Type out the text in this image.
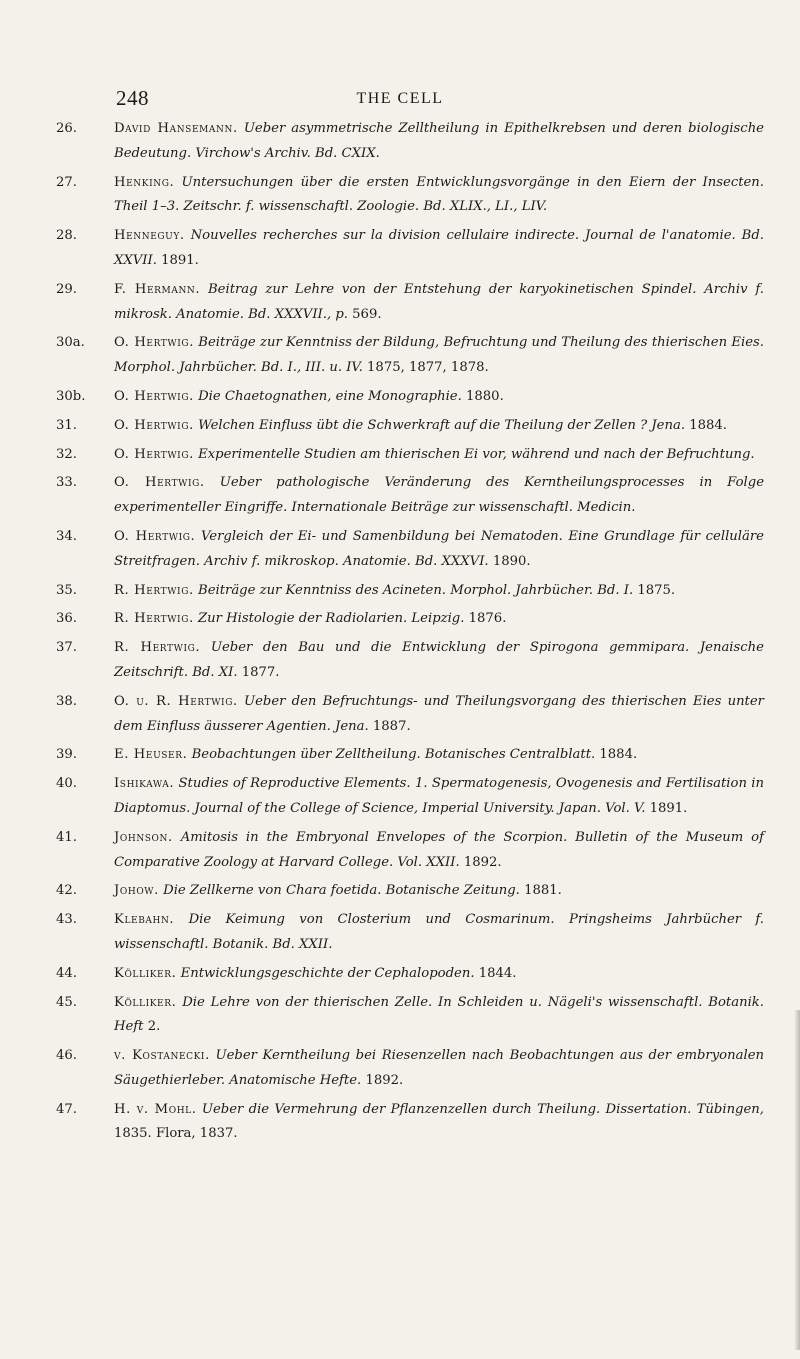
248	THE CELL
26.	David Hansemann. Ueber asymmetrische Zelltheilung in Epithelkrebsen und deren biologische Bedeutung. Virchow's Archiv. Bd. CXIX.
27.	Henking. Untersuchungen über die ersten Entwicklungsvorgänge in den Eiern der Insecten. Theil 1–3. Zeitschr. f. wissenschaftl. Zoologie. Bd. XLIX., LI., LIV.
28.	Henneguy. Nouvelles recherches sur la division cellulaire indirecte. Journal de l'anatomie. Bd. XXVII. 1891.
29.	F. Hermann. Beitrag zur Lehre von der Entstehung der karyokinetischen Spindel. Archiv f. mikrosk. Anatomie. Bd. XXXVII., p. 569.
30a. O. Hertwig. Beiträge zur Kenntniss der Bildung, Befruchtung und Theilung des thierischen Eies. Morphol. Jahrbücher. Bd. I., III. u. IV. 1875, 1877, 1878.
30b. O. Hertwig. Die Chaetognathen, eine Monographie. 1880.
31.	O. Hertwig. Welchen Einfluss übt die Schwerkraft auf die Theilung der Zellen ? Jena. 1884.
32.	O. Hertwig. Experimentelle Studien am thierischen Ei vor, während und nach der Befruchtung.
33.	O. Hertwig. Ueber pathologische Veränderung des Kerntheilungsprocesses in Folge experimenteller Eingriffe. Internationale Beiträge zur wissenschaftl. Medicin.
34.	O. Hertwig. Vergleich der Ei- und Samenbildung bei Nematoden. Eine Grundlage für celluläre Streitfragen. Archiv f. mikroskop. Anatomie. Bd. XXXVI. 1890.
35.	R. Hertwig. Beiträge zur Kenntniss des Acineten. Morphol. Jahrbücher. Bd. I. 1875.
36.	R. Hertwig. Zur Histologie der Radiolarien. Leipzig. 1876.
37.	R. Hertwig. Ueber den Bau und die Entwicklung der Spirogona gemmipara. Jenaische Zeitschrift. Bd. XI. 1877.
38.	O. u. R. Hertwig. Ueber den Befruchtungs- und Theilungsvorgang des thierischen Eies unter dem Einfluss äusserer Agentien. Jena. 1887.
39.	E. Heuser. Beobachtungen über Zelltheilung. Botanisches Centralblatt. 1884.
40.	Ishikawa. Studies of Reproductive Elements. 1. Spermatogenesis, Ovogenesis and Fertilisation in Diaptomus. Journal of the College of Science, Imperial University. Japan. Vol. V. 1891.
41.	Johnson. Amitosis in the Embryonal Envelopes of the Scorpion. Bulletin of the Museum of Comparative Zoology at Harvard College. Vol. XXII. 1892.
42.	Johow. Die Zellkerne von Chara foetida. Botanische Zeitung. 1881.
43.	Klebahn. Die Keimung von Closterium und Cosmarinum. Pringsheims Jahrbücher f. wissenschaftl. Botanik. Bd. XXII.
44.	Kölliker. Entwicklungsgeschichte der Cephalopoden. 1844.
45.	Kölliker. Die Lehre von der thierischen Zelle. In Schleiden u. Nägeli's wissenschaftl. Botanik. Heft 2.
46.	v. Kostanecki. Ueber Kerntheilung bei Riesenzellen nach Beobachtungen aus der embryonalen Säugethierleber. Anatomische Hefte. 1892.
47.	H. v. Mohl. Ueber die Vermehrung der Pflanzenzellen durch Theilung. Dissertation. Tübingen, 1835. Flora, 1837.
